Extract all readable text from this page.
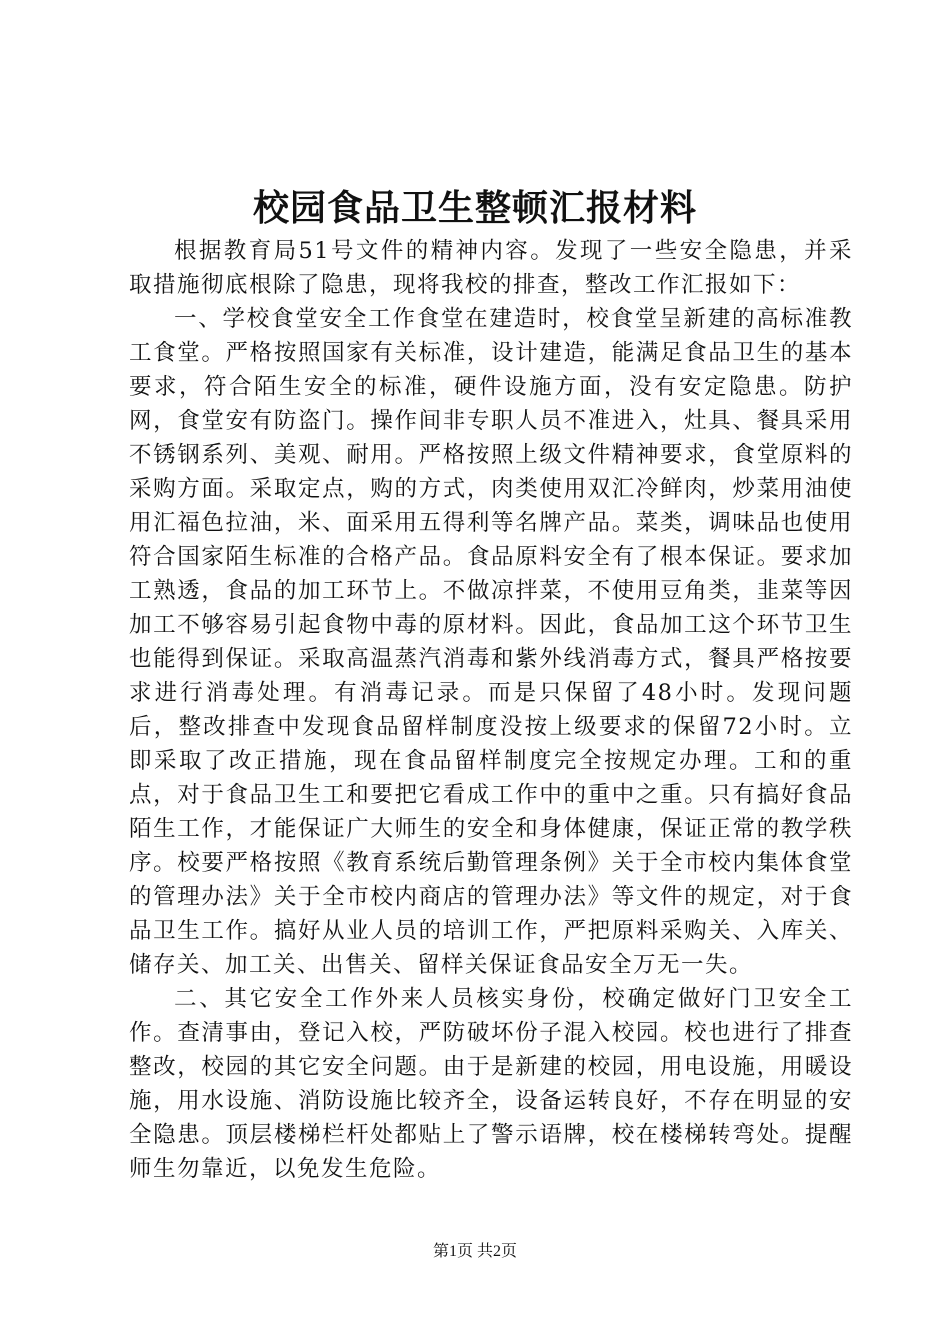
校园食品卫生整顿汇报材料

根据教育局51号文件的精神内容。发现了一些安全隐患，并采取措施彻底根除了隐患，现将我校的排查，整改工作汇报如下：

一、学校食堂安全工作食堂在建造时，校食堂呈新建的高标准教工食堂。严格按照国家有关标准，设计建造，能满足食品卫生的基本要求，符合陌生安全的标准，硬件设施方面，没有安定隐患。防护网，食堂安有防盗门。操作间非专职人员不准进入，灶具、餐具采用不锈钢系列、美观、耐用。严格按照上级文件精神要求，食堂原料的采购方面。采取定点，购的方式，肉类使用双汇冷鲜肉，炒菜用油使用汇福色拉油，米、面采用五得利等名牌产品。菜类，调味品也使用符合国家陌生标准的合格产品。食品原料安全有了根本保证。要求加工熟透，食品的加工环节上。不做凉拌菜，不使用豆角类，韭菜等因加工不够容易引起食物中毒的原材料。因此，食品加工这个环节卫生也能得到保证。采取高温蒸汽消毒和紫外线消毒方式，餐具严格按要求进行消毒处理。有消毒记录。而是只保留了48小时。发现问题后，整改排查中发现食品留样制度没按上级要求的保留72小时。立即采取了改正措施，现在食品留样制度完全按规定办理。工和的重点，对于食品卫生工和要把它看成工作中的重中之重。只有搞好食品陌生工作，才能保证广大师生的安全和身体健康，保证正常的教学秩序。校要严格按照《教育系统后勤管理条例》关于全市校内集体食堂的管理办法》关于全市校内商店的管理办法》等文件的规定，对于食品卫生工作。搞好从业人员的培训工作，严把原料采购关、入库关、储存关、加工关、出售关、留样关保证食品安全万无一失。

二、其它安全工作外来人员核实身份，校确定做好门卫安全工作。查清事由，登记入校，严防破坏份子混入校园。校也进行了排查整改，校园的其它安全问题。由于是新建的校园，用电设施，用暖设施，用水设施、消防设施比较齐全，设备运转良好，不存在明显的安全隐患。顶层楼梯栏杆处都贴上了警示语牌，校在楼梯转弯处。提醒师生勿靠近，以免发生危险。

第1页 共2页
